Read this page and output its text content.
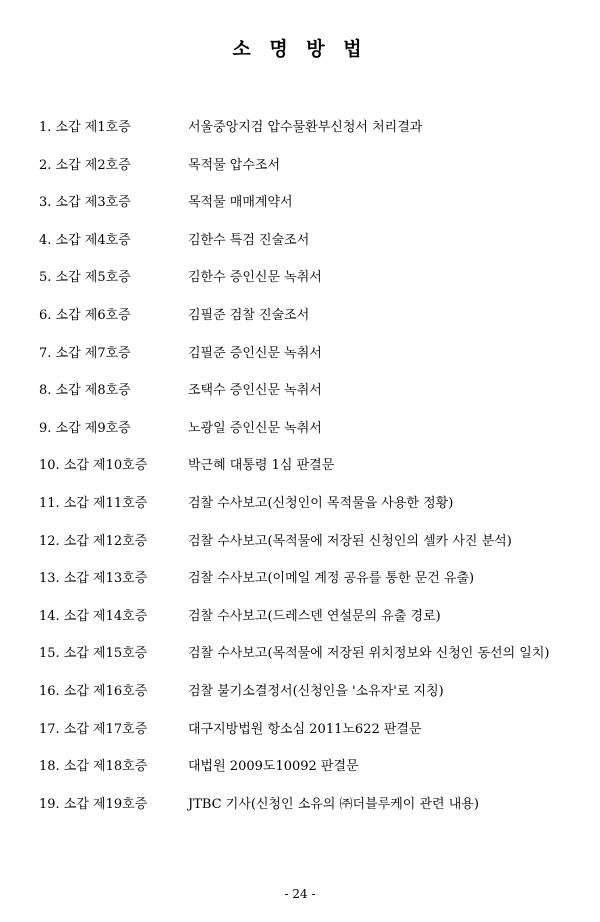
소 명 방 법
1. 소갑 제1호증	서울중앙지검 압수물환부신청서 처리결과
2. 소갑 제2호증	목적물 압수조서
3. 소갑 제3호증	목적물 매매계약서
4. 소갑 제4호증	김한수 특검 진술조서
5. 소갑 제5호증	김한수 증인신문 녹취서
6. 소갑 제6호증	김필준 검찰 진술조서
7. 소갑 제7호증	김필준 증인신문 녹취서
8. 소갑 제8호증	조택수 증인신문 녹취서
9. 소갑 제9호증	노광일 증인신문 녹취서
10. 소갑 제10호증	박근혜 대통령 1심 판결문
11. 소갑 제11호증	검찰 수사보고(신청인이 목적물을 사용한 정황)
12. 소갑 제12호증	검찰 수사보고(목적물에 저장된 신청인의 셀카 사진 분석)
13. 소갑 제13호증	검찰 수사보고(이메일 계정 공유를 통한 문건 유출)
14. 소갑 제14호증	검찰 수사보고(드레스덴 연설문의 유출 경로)
15. 소갑 제15호증	검찰 수사보고(목적물에 저장된 위치정보와 신청인 동선의 일치)
16. 소갑 제16호증	검찰 불기소결정서(신청인을 '소유자'로 지칭)
17. 소갑 제17호증	대구지방법원 항소심 2011노622 판결문
18. 소갑 제18호증	대법원 2009도10092 판결문
19. 소갑 제19호증	JTBC 기사(신청인 소유의 ㈜더블루케이 관련 내용)
- 24 -
